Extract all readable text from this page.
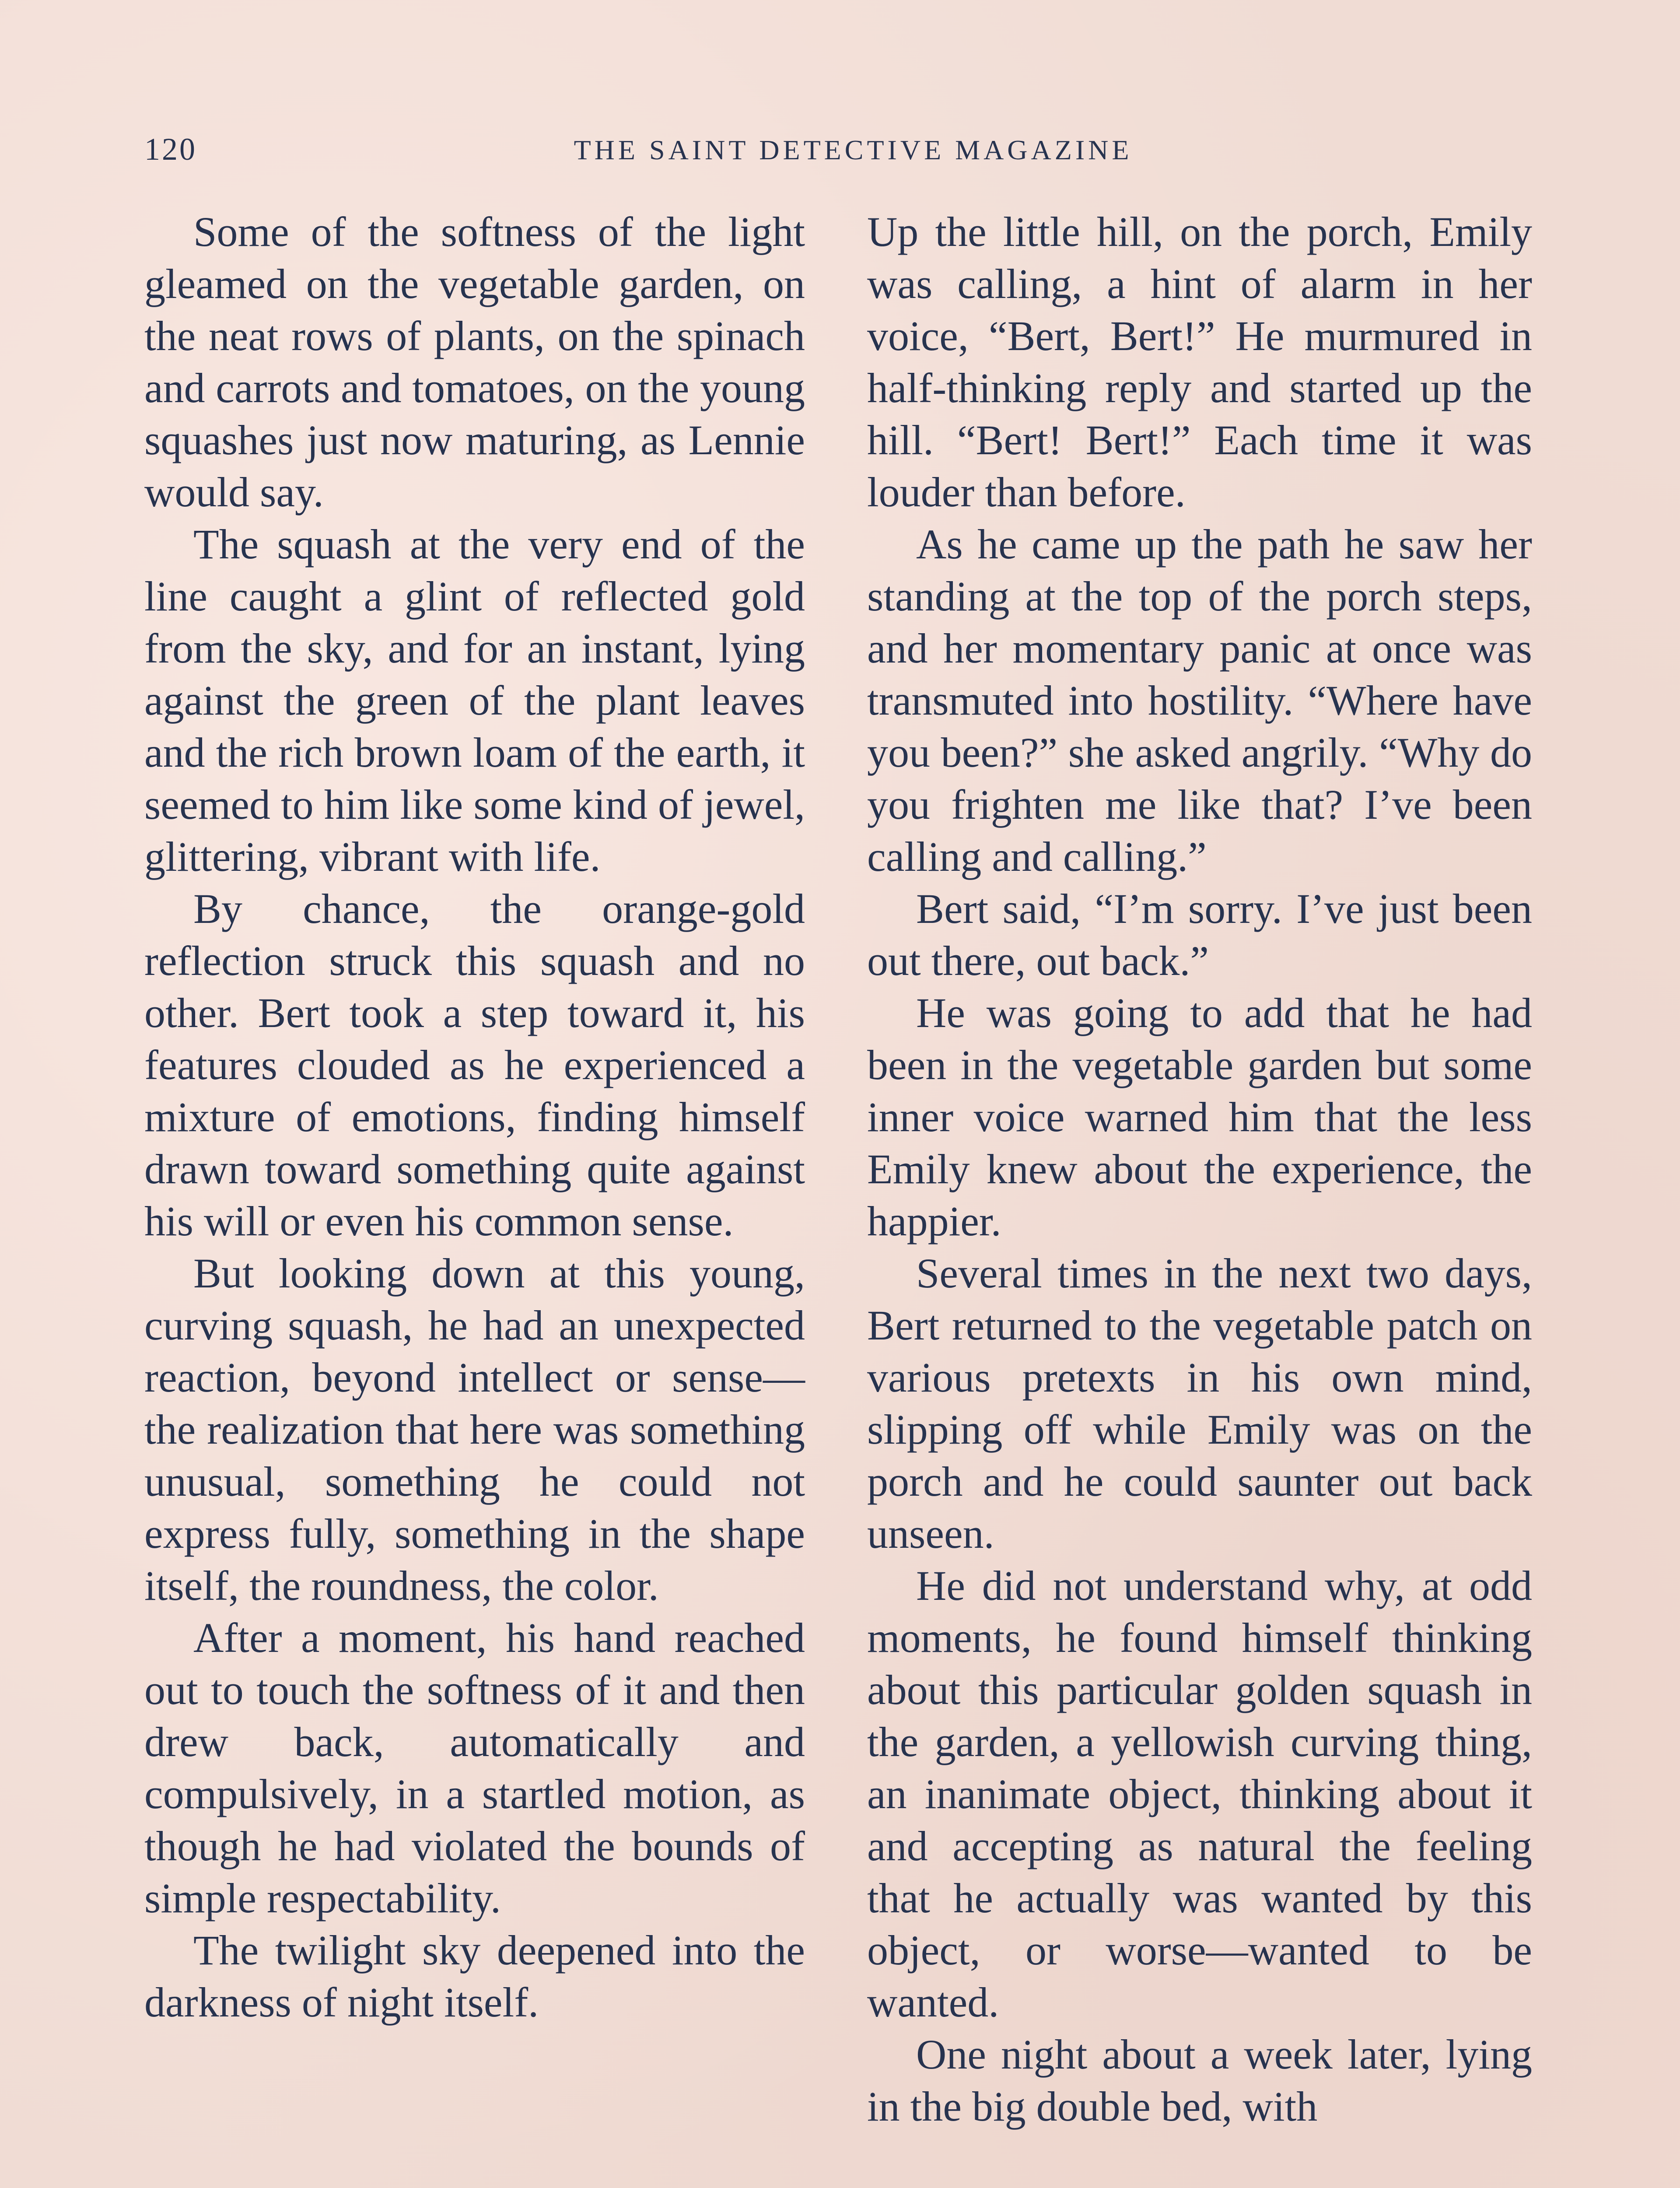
120	THE SAINT DETECTIVE MAGAZINE

Some of the softness of the light gleamed on the vegetable garden, on the neat rows of plants, on the spinach and carrots and tomatoes, on the young squashes just now maturing, as Lennie would say.

The squash at the very end of the line caught a glint of reflected gold from the sky, and for an instant, lying against the green of the plant leaves and the rich brown loam of the earth, it seemed to him like some kind of jewel, glittering, vibrant with life.

By chance, the orange-gold reflection struck this squash and no other. Bert took a step toward it, his features clouded as he experienced a mixture of emotions, finding himself drawn toward something quite against his will or even his common sense.

But looking down at this young, curving squash, he had an unexpected reaction, beyond intellect or sense—the realization that here was something unusual, something he could not express fully, something in the shape itself, the roundness, the color.

After a moment, his hand reached out to touch the softness of it and then drew back, automatically and compulsively, in a startled motion, as though he had violated the bounds of simple respectability.

The twilight sky deepened into the darkness of night itself.

Up the little hill, on the porch, Emily was calling, a hint of alarm in her voice, “Bert, Bert!” He murmured in half-thinking reply and started up the hill. “Bert! Bert!” Each time it was louder than before.

As he came up the path he saw her standing at the top of the porch steps, and her momentary panic at once was transmuted into hostility. “Where have you been?” she asked angrily. “Why do you frighten me like that? I’ve been calling and calling.”

Bert said, “I’m sorry. I’ve just been out there, out back.”

He was going to add that he had been in the vegetable garden but some inner voice warned him that the less Emily knew about the experience, the happier.

Several times in the next two days, Bert returned to the vegetable patch on various pretexts in his own mind, slipping off while Emily was on the porch and he could saunter out back unseen.

He did not understand why, at odd moments, he found himself thinking about this particular golden squash in the garden, a yellowish curving thing, an inanimate object, thinking about it and accepting as natural the feeling that he actually was wanted by this object, or worse—wanted to be wanted.

One night about a week later, lying in the big double bed, with
